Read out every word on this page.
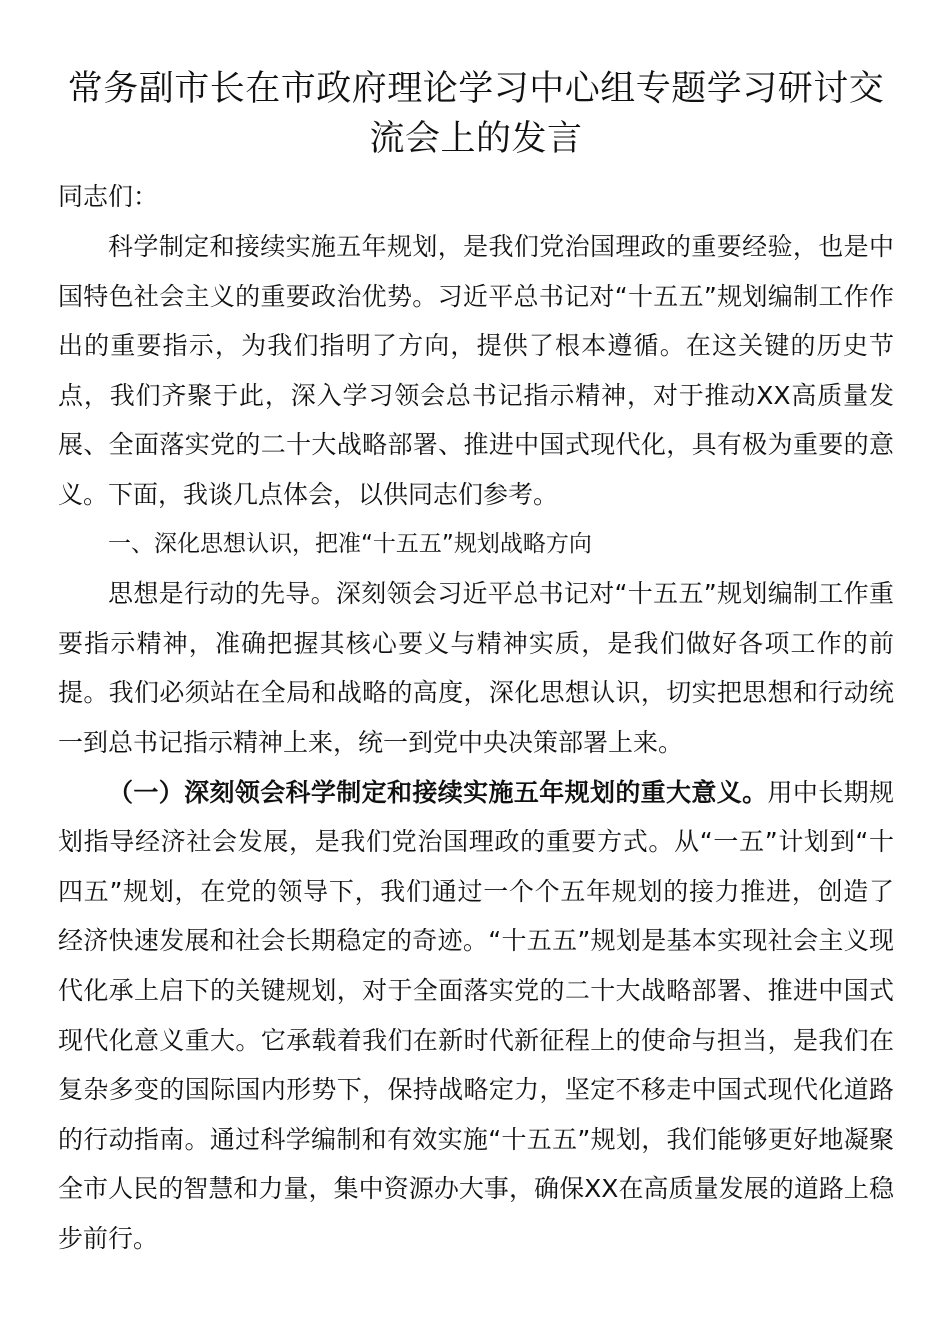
常务副市长在市政府理论学习中心组专题学习研讨交流会上的发言

同志们：

科学制定和接续实施五年规划，是我们党治国理政的重要经验，也是中国特色社会主义的重要政治优势。习近平总书记对“十五五”规划编制工作作出的重要指示，为我们指明了方向，提供了根本遵循。在这关键的历史节点，我们齐聚于此，深入学习领会总书记指示精神，对于推动XX高质量发展、全面落实党的二十大战略部署、推进中国式现代化，具有极为重要的意义。下面，我谈几点体会，以供同志们参考。

一、深化思想认识，把准“十五五”规划战略方向

思想是行动的先导。深刻领会习近平总书记对“十五五”规划编制工作重要指示精神，准确把握其核心要义与精神实质，是我们做好各项工作的前提。我们必须站在全局和战略的高度，深化思想认识，切实把思想和行动统一到总书记指示精神上来，统一到党中央决策部署上来。

（一）深刻领会科学制定和接续实施五年规划的重大意义。用中长期规划指导经济社会发展，是我们党治国理政的重要方式。从“一五”计划到“十四五”规划，在党的领导下，我们通过一个个五年规划的接力推进，创造了经济快速发展和社会长期稳定的奇迹。“十五五”规划是基本实现社会主义现代化承上启下的关键规划，对于全面落实党的二十大战略部署、推进中国式现代化意义重大。它承载着我们在新时代新征程上的使命与担当，是我们在复杂多变的国际国内形势下，保持战略定力，坚定不移走中国式现代化道路的行动指南。通过科学编制和有效实施“十五五”规划，我们能够更好地凝聚全市人民的智慧和力量，集中资源办大事，确保XX在高质量发展的道路上稳步前行。
